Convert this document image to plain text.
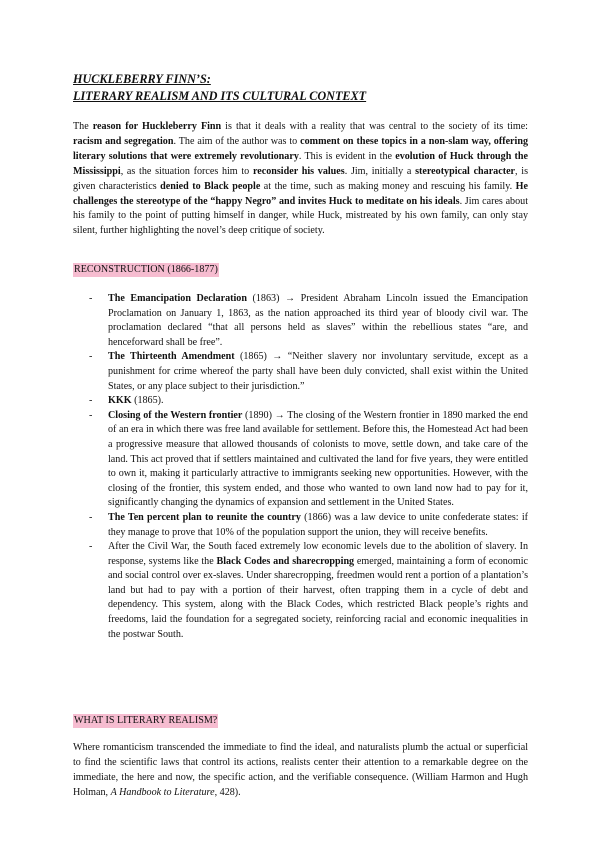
HUCKLEBERRY FINN’S:
LITERARY REALISM AND ITS CULTURAL CONTEXT

The reason for Huckleberry Finn is that it deals with a reality that was central to the society of its time: racism and segregation. The aim of the author was to comment on these topics in a non-slam way, offering literary solutions that were extremely revolutionary. This is evident in the evolution of Huck through the Mississippi, as the situation forces him to reconsider his values. Jim, initially a stereotypical character, is given characteristics denied to Black people at the time, such as making money and rescuing his family. He challenges the stereotype of the “happy Negro” and invites Huck to meditate on his ideals. Jim cares about his family to the point of putting himself in danger, while Huck, mistreated by his own family, can only stay silent, further highlighting the novel’s deep critique of society.

RECONSTRUCTION (1866-1877)
- The Emancipation Declaration (1863) → President Abraham Lincoln issued the Emancipation Proclamation on January 1, 1863, as the nation approached its third year of bloody civil war. The proclamation declared “that all persons held as slaves” within the rebellious states “are, and henceforward shall be free”.
- The Thirteenth Amendment (1865) → “Neither slavery nor involuntary servitude, except as a punishment for crime whereof the party shall have been duly convicted, shall exist within the United States, or any place subject to their jurisdiction.”
- KKK (1865).
- Closing of the Western frontier (1890) → The closing of the Western frontier in 1890 marked the end of an era in which there was free land available for settlement. Before this, the Homestead Act had been a progressive measure that allowed thousands of colonists to move, settle down, and take care of the land. This act proved that if settlers maintained and cultivated the land for five years, they were entitled to own it, making it particularly attractive to immigrants seeking new opportunities. However, with the closing of the frontier, this system ended, and those who wanted to own land now had to pay for it, significantly changing the dynamics of expansion and settlement in the United States.
- The Ten percent plan to reunite the country (1866) was a law device to unite confederate states: if they manage to prove that 10% of the population support the union, they will receive benefits.
- After the Civil War, the South faced extremely low economic levels due to the abolition of slavery. In response, systems like the Black Codes and sharecropping emerged, maintaining a form of economic and social control over ex-slaves. Under sharecropping, freedmen would rent a portion of a plantation’s land but had to pay with a portion of their harvest, often trapping them in a cycle of debt and dependency. This system, along with the Black Codes, which restricted Black people’s rights and freedoms, laid the foundation for a segregated society, reinforcing racial and economic inequalities in the postwar South.
WHAT IS LITERARY REALISM?

Where romanticism transcended the immediate to find the ideal, and naturalists plumb the actual or superficial to find the scientific laws that control its actions, realists center their attention to a remarkable degree on the immediate, the here and now, the specific action, and the verifiable consequence. (William Harmon and Hugh Holman, A Handbook to Literature, 428).
